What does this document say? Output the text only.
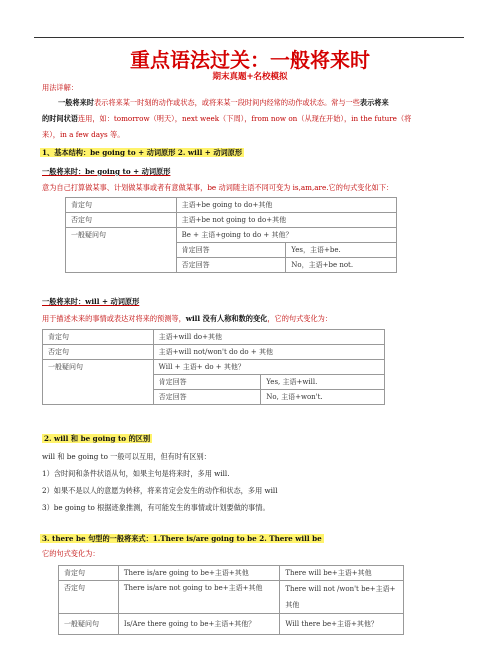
重点语法过关：一般将来时
期末真题+名校模拟
用法详解：
一般将来时表示将来某一时刻的动作或状态，或将来某一段时间内经常的动作或状态。常与一些表示将来
的时间状语连用，如：tomorrow（明天），next week（下周），from now on（从现在开始），in the future（将
来），in a few days 等。
1、基本结构：be going to + 动词原形 2. will + 动词原形
一般将来时：be going to + 动词原形
意为自己打算做某事、计划做某事或者有意做某事，be 动词随主语不同可变为 is,am,are.它的句式变化如下：
肯定句	主语+be going to do+其他	
否定句	主语+be not going to do+其他	
一般疑问句	Be + 主语+going to do + 其他？	
	肯定回答	Yes，主语+be.
	否定回答	No，主语+be not.
一般将来时：will + 动词原形
用于描述未来的事情或表达对将来的预测等，will 没有人称和数的变化，它的句式变化为：
肯定句	主语+will do+其他	
否定句	主语+will not/won't do do + 其他	
一般疑问句	Will + 主语+ do + 其他？	
	肯定回答	Yes, 主语+will.
	否定回答	No, 主语+won't.
2. will 和 be going to 的区别
will 和 be going to 一般可以互用，但有时有区别：
1）含时间和条件状语从句，如果主句是将来时，多用 will.
2）如果不是以人的意愿为转移，将来肯定会发生的动作和状态，多用 will
3）be going to 根据迹象推测，有可能发生的事情或计划要做的事情。
3. there be 句型的一般将来式：1.There is/are going to be 2. There will be
它的句式变化为：
肯定句	There is/are going to be+主语+其他	There will be+主语+其他
否定句	There is/are not going to be+主语+其他	There will not /won't be+主语+
其他
一般疑问句	Is/Are there going to be+主语+其他？	Will there be+主语+其他？
